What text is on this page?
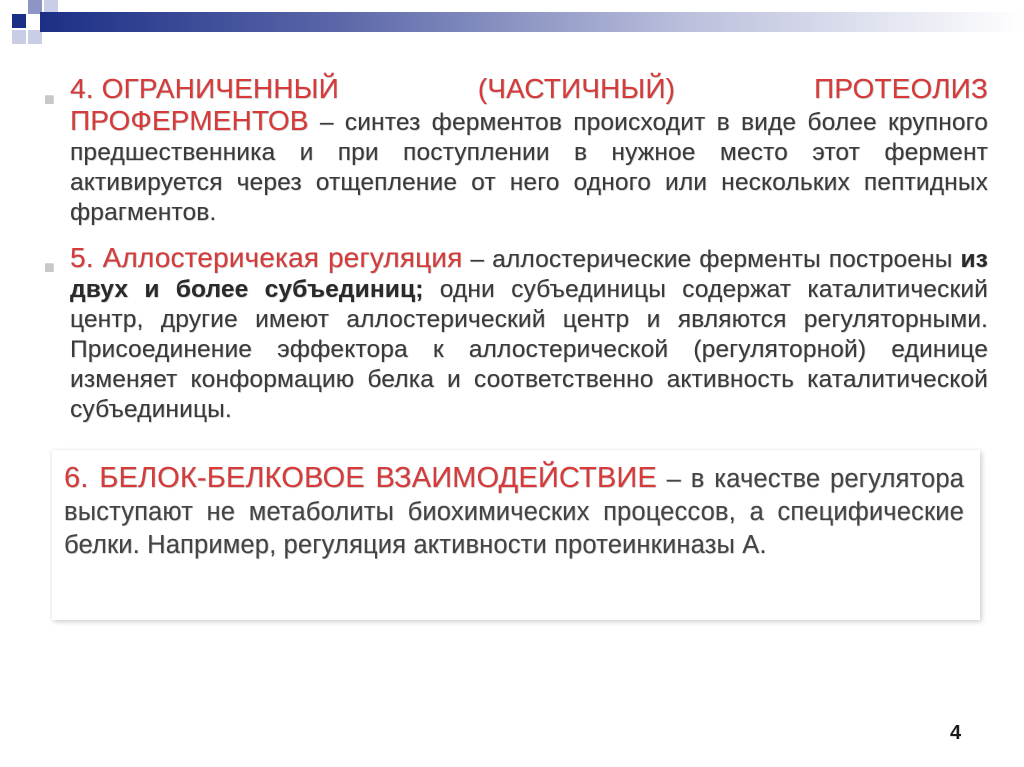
■ 4. ОГРАНИЧЕННЫЙ	(ЧАСТИЧНЫЙ)	ПРОТЕОЛИЗ
ПРОФЕРМЕНТОВ – синтез ферментов происходит в виде более крупного предшественника и при поступлении в нужное место этот фермент активируется через отщепление от него одного или нескольких пептидных фрагментов.
■ 5. Аллостеричекая регуляция – аллостерические ферменты построены из двух и более субъединиц; одни субъединицы содержат каталитический центр, другие имеют аллостерический центр и являются регуляторными. Присоединение эффектора к аллостерической (регуляторной) единице изменяет конформацию белка и соответственно активность каталитической субъединицы.
6. БЕЛОК-БЕЛКОВОЕ ВЗАИМОДЕЙСТВИЕ – в качестве регулятора выступают не метаболиты биохимических процессов, а специфические белки. Например, регуляция активности протеинкиназы А.
4
